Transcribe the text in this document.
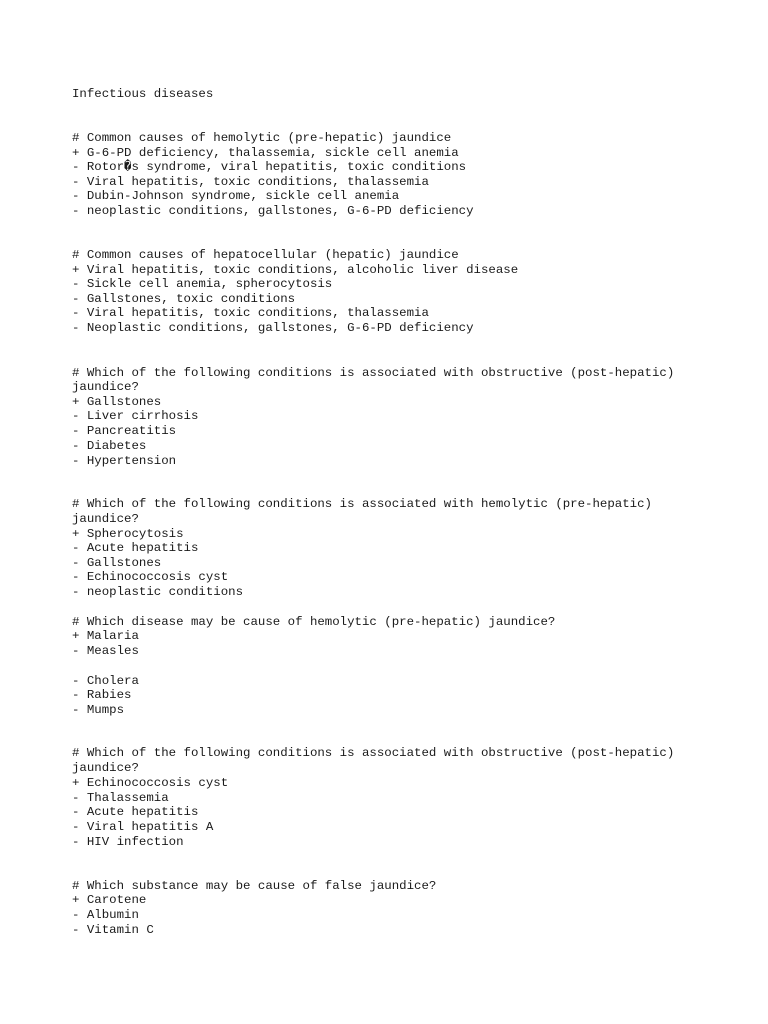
Infectious diseases
# Common causes of hemolytic (pre-hepatic) jaundice
+ G-6-PD deficiency, thalassemia, sickle cell anemia
- Rotor�s syndrome, viral hepatitis, toxic conditions
- Viral hepatitis, toxic conditions, thalassemia
- Dubin-Johnson syndrome, sickle cell anemia
- neoplastic conditions, gallstones, G-6-PD deficiency
# Common causes of hepatocellular (hepatic) jaundice
+ Viral hepatitis, toxic conditions, alcoholic liver disease
- Sickle cell anemia, spherocytosis
- Gallstones, toxic conditions
- Viral hepatitis, toxic conditions, thalassemia
- Neoplastic conditions, gallstones, G-6-PD deficiency
# Which of the following conditions is associated with obstructive (post-hepatic)
jaundice?
+ Gallstones
- Liver cirrhosis
- Pancreatitis
- Diabetes
- Hypertension
# Which of the following conditions is associated with hemolytic (pre-hepatic)
jaundice?
+ Spherocytosis
- Acute hepatitis
- Gallstones
- Echinococcosis cyst
- neoplastic conditions
# Which disease may be cause of hemolytic (pre-hepatic) jaundice?
+ Malaria
- Measles
- Cholera
- Rabies
- Mumps
# Which of the following conditions is associated with obstructive (post-hepatic)
jaundice?
+ Echinococcosis cyst
- Thalassemia
- Acute hepatitis
- Viral hepatitis A
- HIV infection
# Which substance may be cause of false jaundice?
+ Carotene
- Albumin
- Vitamin C
